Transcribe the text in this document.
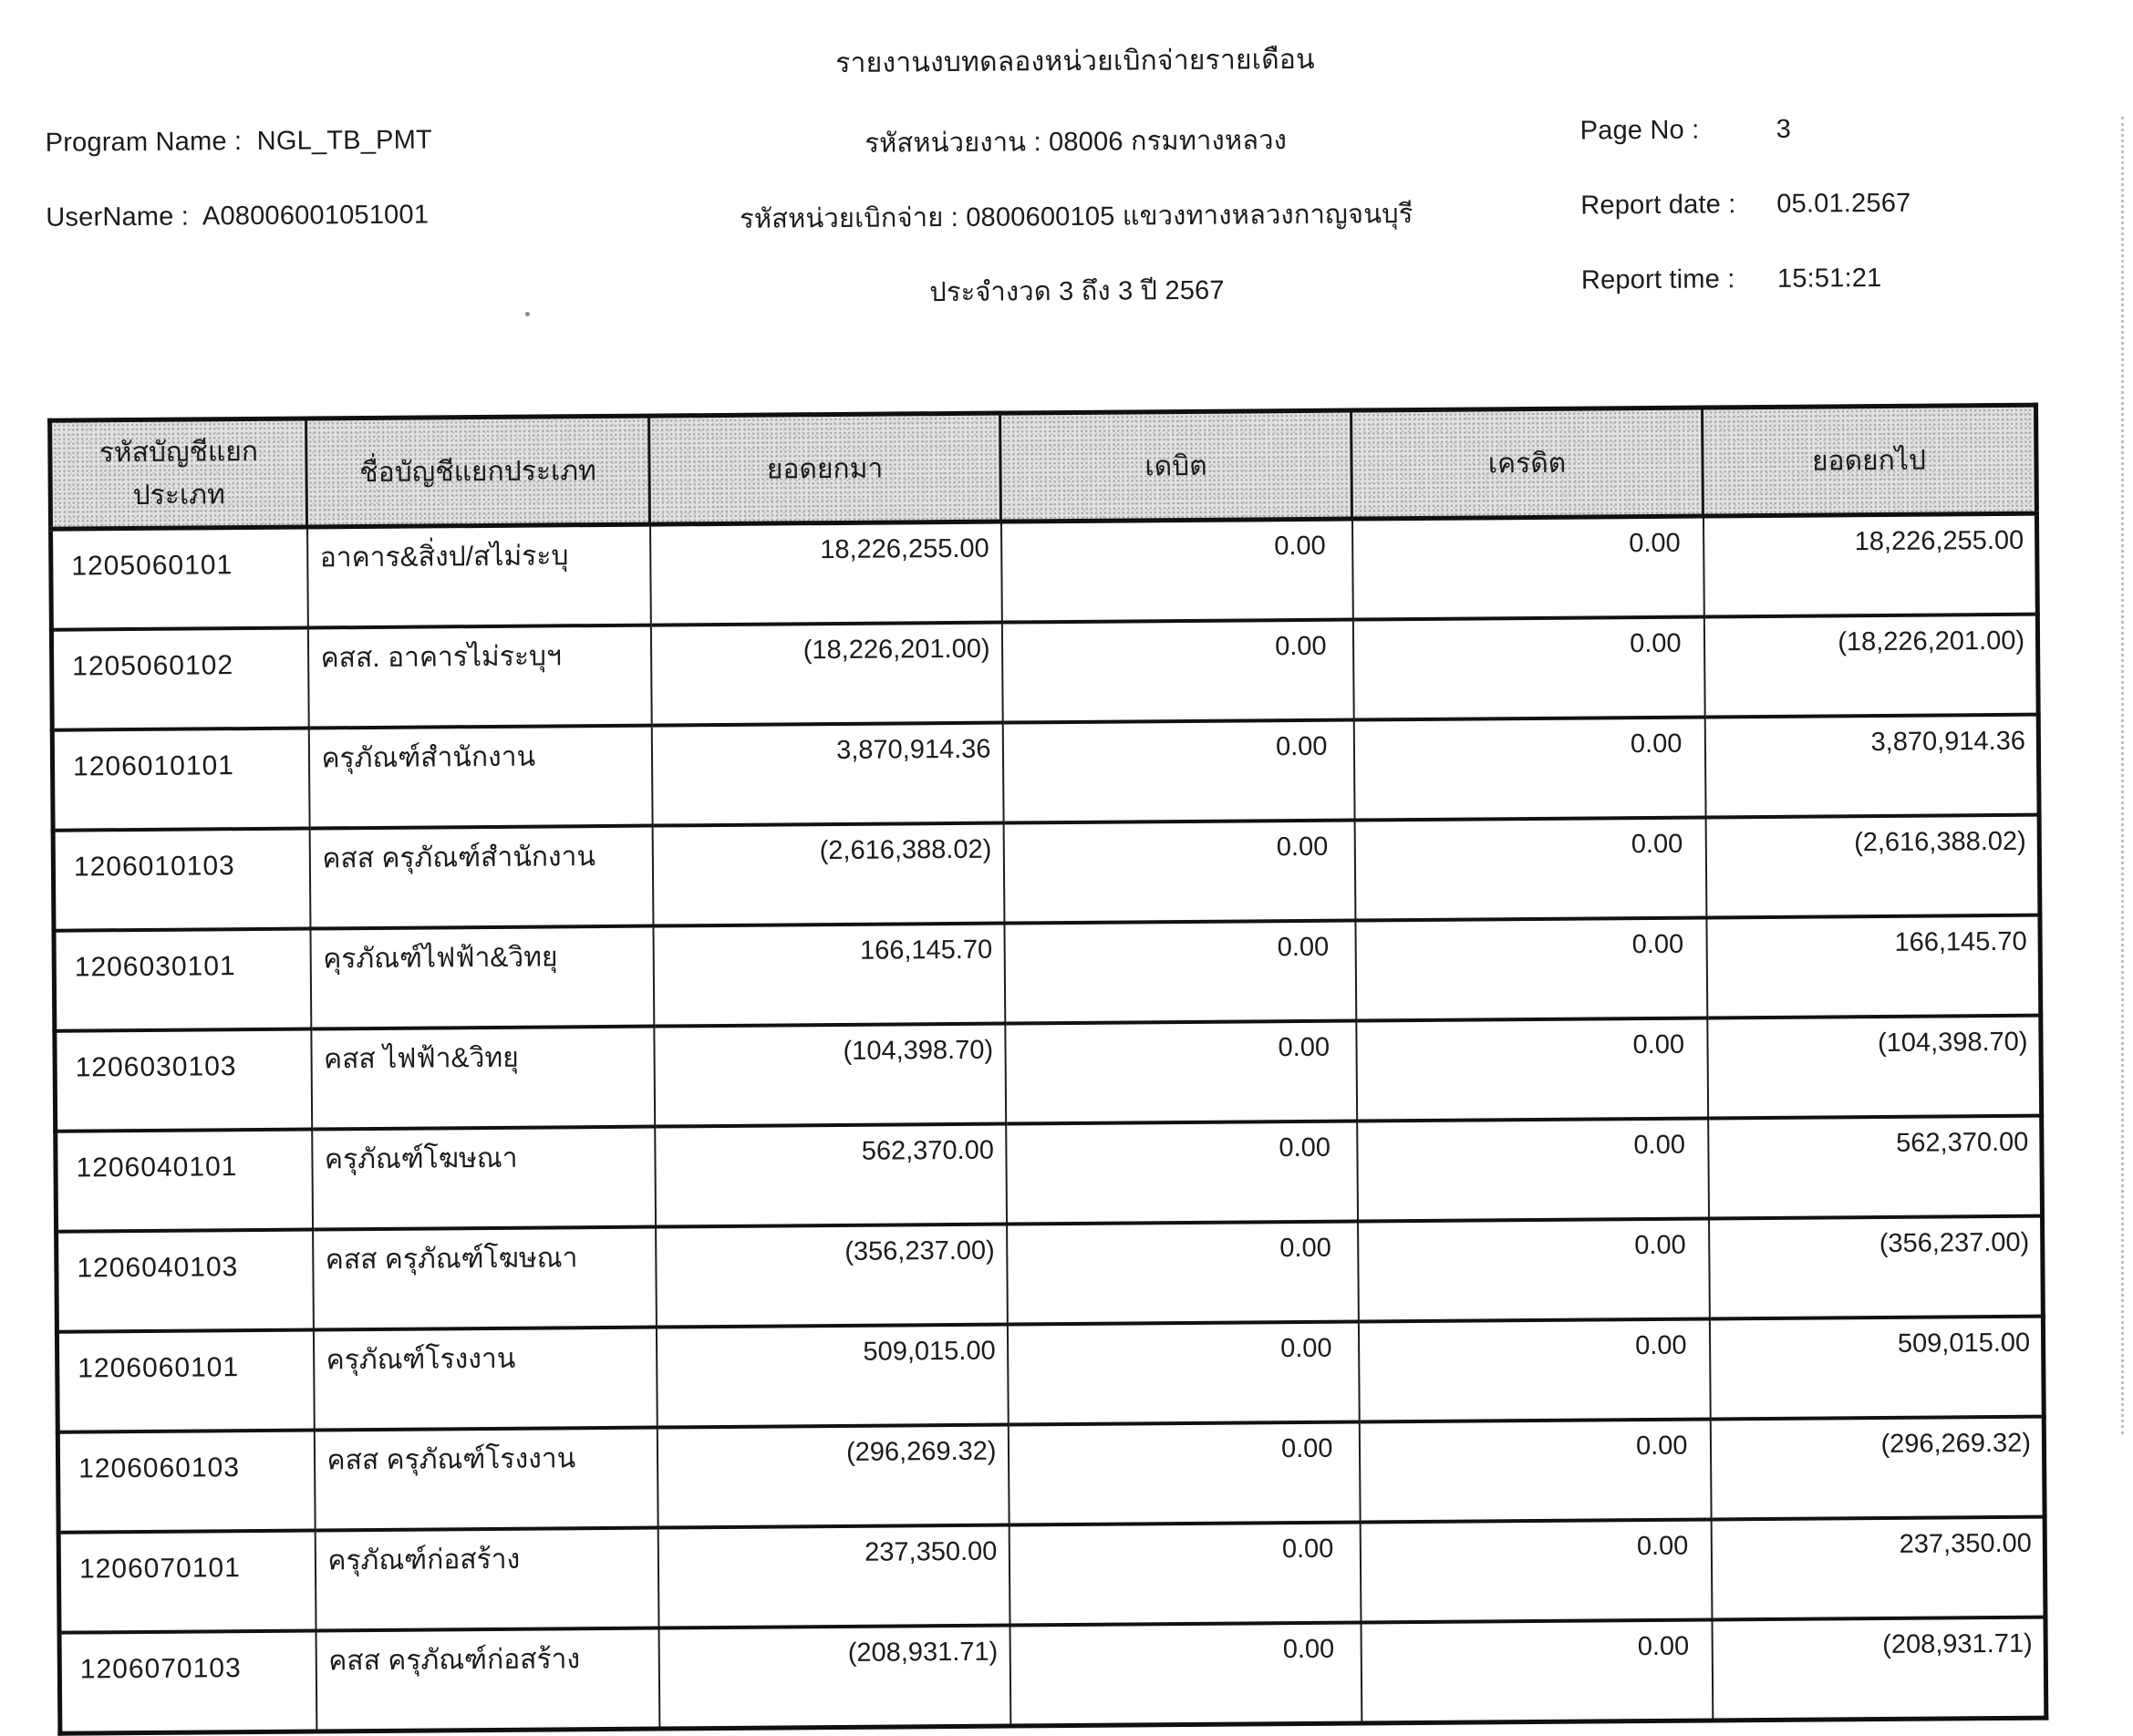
รายงานงบทดลองหน่วยเบิกจ่ายรายเดือน
Program Name : NGL_TB_PMT	รหัสหน่วยงาน : 08006 กรมทางหลวง	Page No :	3
UserName : A08006001051001	รหัสหน่วยเบิกจ่าย : 0800600105 แขวงทางหลวงกาญจนบุรี	Report date : 05.01.2567
ประจำงวด 3 ถึง 3 ปี 2567	Report time : 15:51:21
รหัสบัญชีแยกประเภท	ชื่อบัญชีแยกประเภท	ยอดยกมา	เดบิต	เครดิต	ยอดยกไป
1205060101	อาคาร&สิ่งป/สไม่ระบุ	18,226,255.00	0.00	0.00	18,226,255.00
1205060102	คสส. อาคารไม่ระบุฯ	(18,226,201.00)	0.00	0.00	(18,226,201.00)
1206010101	ครุภัณฑ์สำนักงาน	3,870,914.36	0.00	0.00	3,870,914.36
1206010103	คสส ครุภัณฑ์สำนักงาน	(2,616,388.02)	0.00	0.00	(2,616,388.02)
1206030101	คุรภัณฑ์ไฟฟ้า&วิทยุ	166,145.70	0.00	0.00	166,145.70
1206030103	คสส ไฟฟ้า&วิทยุ	(104,398.70)	0.00	0.00	(104,398.70)
1206040101	ครุภัณฑ์โฆษณา	562,370.00	0.00	0.00	562,370.00
1206040103	คสส ครุภัณฑ์โฆษณา	(356,237.00)	0.00	0.00	(356,237.00)
1206060101	ครุภัณฑ์โรงงาน	509,015.00	0.00	0.00	509,015.00
1206060103	คสส ครุภัณฑ์โรงงาน	(296,269.32)	0.00	0.00	(296,269.32)
1206070101	ครุภัณฑ์ก่อสร้าง	237,350.00	0.00	0.00	237,350.00
1206070103	คสส ครุภัณฑ์ก่อสร้าง	(208,931.71)	0.00	0.00	(208,931.71)
